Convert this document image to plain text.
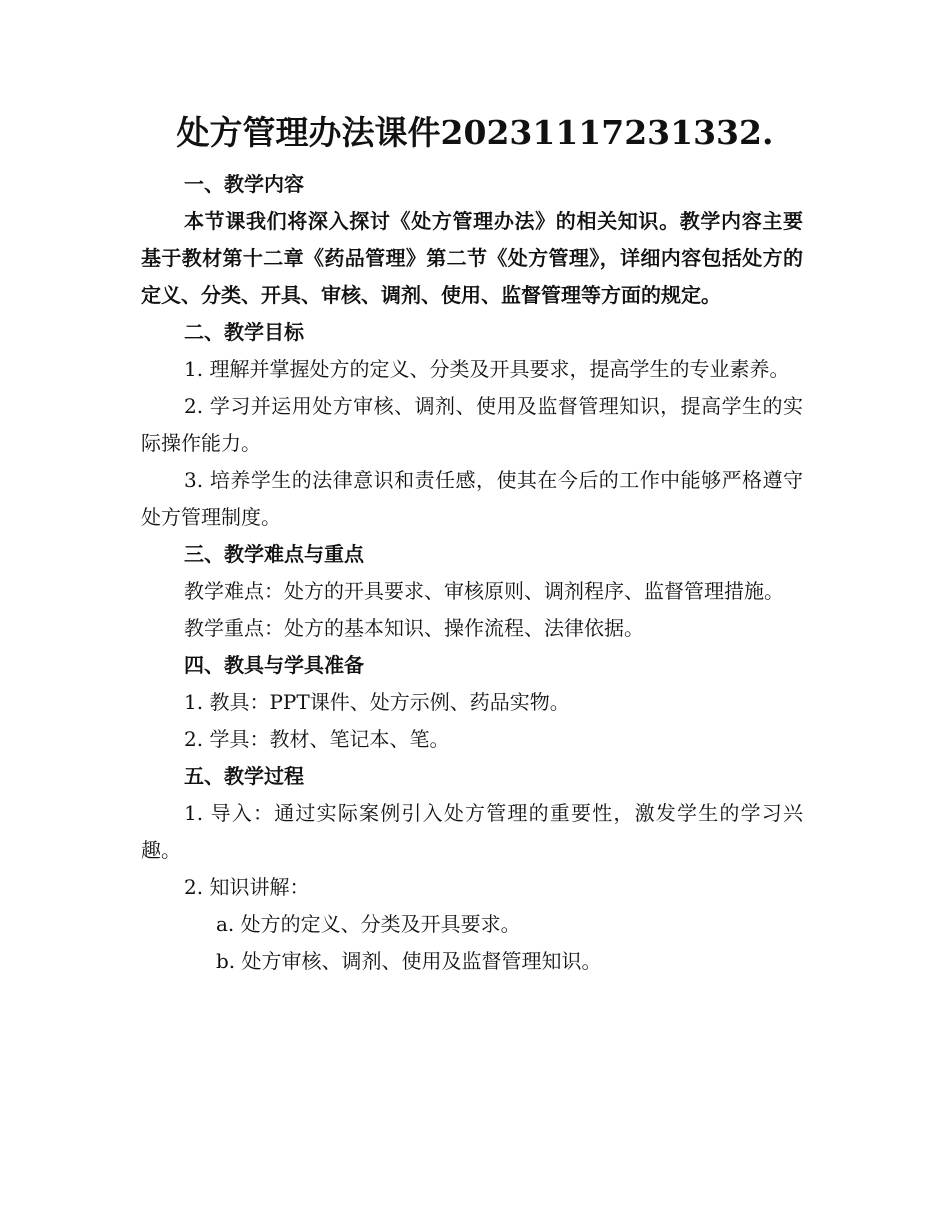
处方管理办法课件20231117231332.

一、教学内容

本节课我们将深入探讨《处方管理办法》的相关知识。教学内容主要基于教材第十二章《药品管理》第二节《处方管理》，详细内容包括处方的定义、分类、开具、审核、调剂、使用、监督管理等方面的规定。

二、教学目标

1. 理解并掌握处方的定义、分类及开具要求，提高学生的专业素养。

2. 学习并运用处方审核、调剂、使用及监督管理知识，提高学生的实际操作能力。

3. 培养学生的法律意识和责任感，使其在今后的工作中能够严格遵守处方管理制度。

三、教学难点与重点

教学难点：处方的开具要求、审核原则、调剂程序、监督管理措施。

教学重点：处方的基本知识、操作流程、法律依据。

四、教具与学具准备

1. 教具：PPT课件、处方示例、药品实物。

2. 学具：教材、笔记本、笔。

五、教学过程

1. 导入：通过实际案例引入处方管理的重要性，激发学生的学习兴趣。

2. 知识讲解：

a. 处方的定义、分类及开具要求。

b. 处方审核、调剂、使用及监督管理知识。
